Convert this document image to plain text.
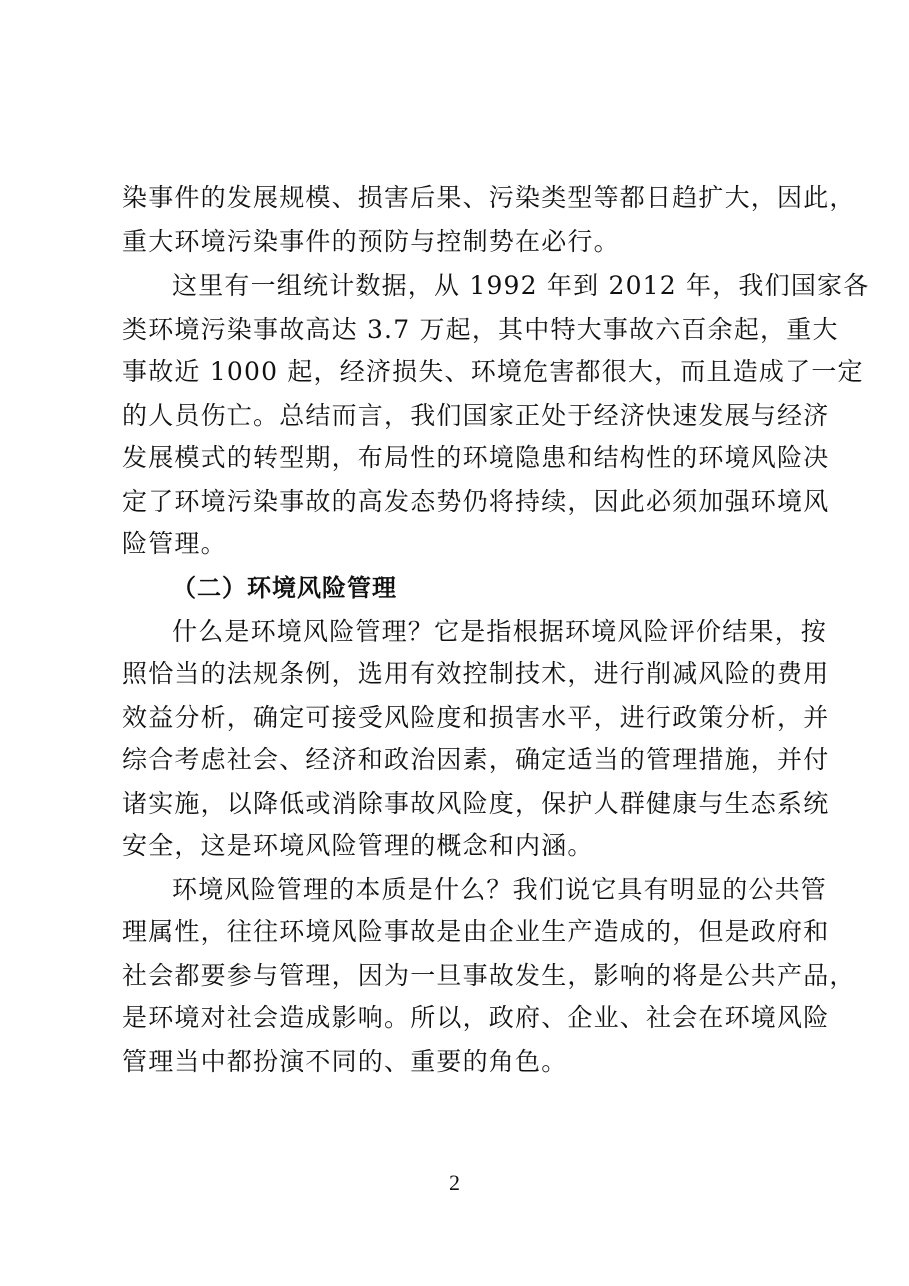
染事件的发展规模、损害后果、污染类型等都日趋扩大，因此，
重大环境污染事件的预防与控制势在必行。
这里有一组统计数据，从 1992 年到 2012 年，我们国家各
类环境污染事故高达 3.7 万起，其中特大事故六百余起，重大
事故近 1000 起，经济损失、环境危害都很大，而且造成了一定
的人员伤亡。总结而言，我们国家正处于经济快速发展与经济
发展模式的转型期，布局性的环境隐患和结构性的环境风险决
定了环境污染事故的高发态势仍将持续，因此必须加强环境风
险管理。
（二）环境风险管理
什么是环境风险管理？它是指根据环境风险评价结果，按
照恰当的法规条例，选用有效控制技术，进行削减风险的费用
效益分析，确定可接受风险度和损害水平，进行政策分析，并
综合考虑社会、经济和政治因素，确定适当的管理措施，并付
诸实施，以降低或消除事故风险度，保护人群健康与生态系统
安全，这是环境风险管理的概念和内涵。
环境风险管理的本质是什么？我们说它具有明显的公共管
理属性，往往环境风险事故是由企业生产造成的，但是政府和
社会都要参与管理，因为一旦事故发生，影响的将是公共产品，
是环境对社会造成影响。所以，政府、企业、社会在环境风险
管理当中都扮演不同的、重要的角色。
2
